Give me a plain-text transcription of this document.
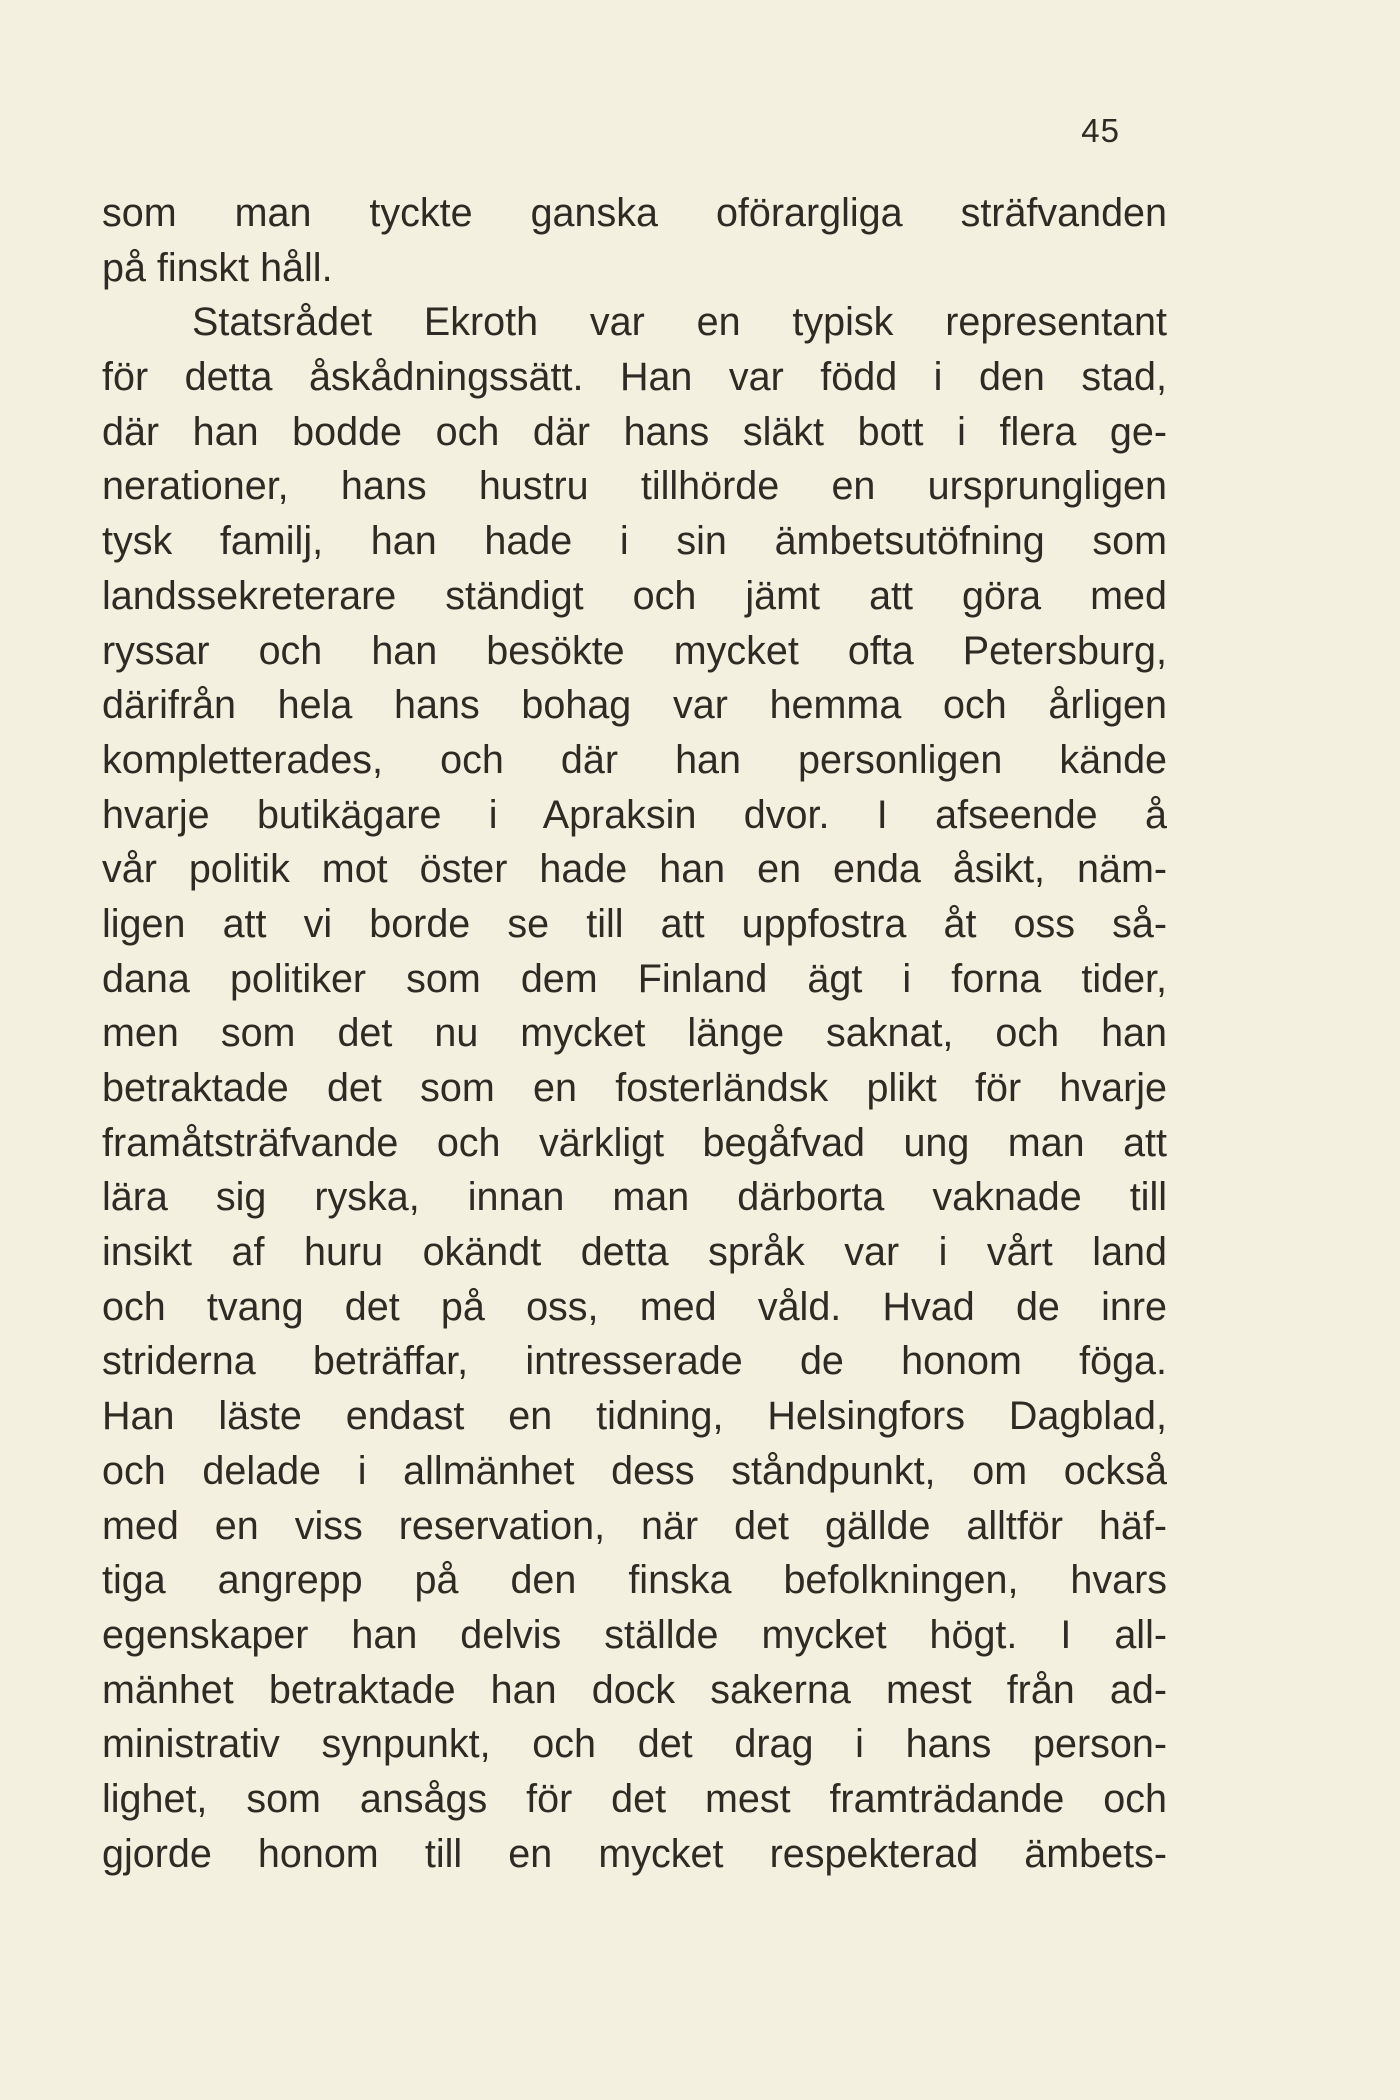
45
som man tyckte ganska oförargliga sträfvanden
på finskt håll.
Statsrådet Ekroth var en typisk representant
för detta åskådningssätt. Han var född i den stad,
där han bodde och där hans släkt bott i flera ge-
nerationer, hans hustru tillhörde en ursprungligen
tysk familj, han hade i sin ämbetsutöfning som
landssekreterare ständigt och jämt att göra med
ryssar och han besökte mycket ofta Petersburg,
därifrån hela hans bohag var hemma och årligen
kompletterades, och där han personligen kände
hvarje butikägare i Apraksin dvor. I afseende å
vår politik mot öster hade han en enda åsikt, näm-
ligen att vi borde se till att uppfostra åt oss så-
dana politiker som dem Finland ägt i forna tider,
men som det nu mycket länge saknat, och han
betraktade det som en fosterländsk plikt för hvarje
framåtsträfvande och värkligt begåfvad ung man att
lära sig ryska, innan man därborta vaknade till
insikt af huru okändt detta språk var i vårt land
och tvang det på oss, med våld. Hvad de inre
striderna beträffar, intresserade de honom föga.
Han läste endast en tidning, Helsingfors Dagblad,
och delade i allmänhet dess ståndpunkt, om också
med en viss reservation, när det gällde alltför häf-
tiga angrepp på den finska befolkningen, hvars
egenskaper han delvis ställde mycket högt. I all-
mänhet betraktade han dock sakerna mest från ad-
ministrativ synpunkt, och det drag i hans person-
lighet, som ansågs för det mest framträdande och
gjorde honom till en mycket respekterad ämbets-
